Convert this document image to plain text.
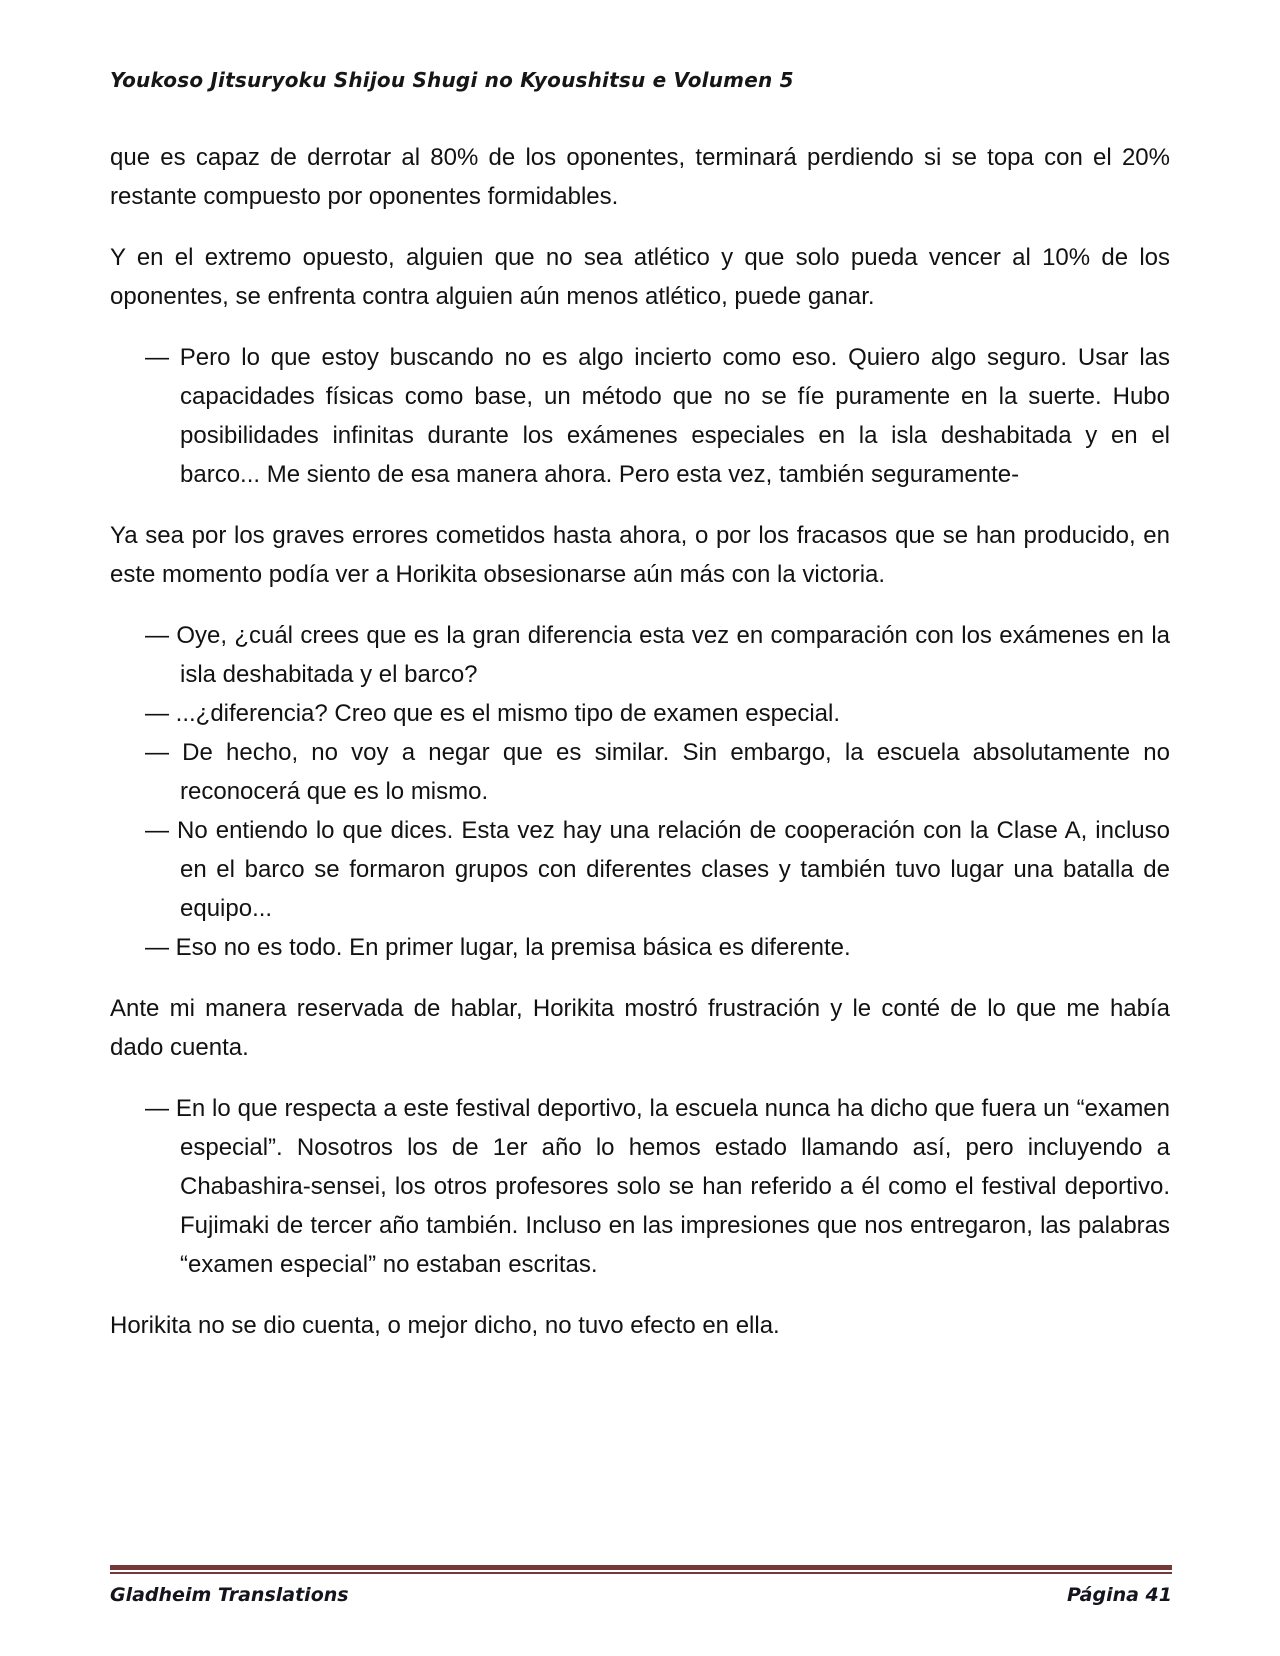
Youkoso Jitsuryoku Shijou Shugi no Kyoushitsu e Volumen 5

que es capaz de derrotar al 80% de los oponentes, terminará perdiendo si se topa con el 20% restante compuesto por oponentes formidables.

Y en el extremo opuesto, alguien que no sea atlético y que solo pueda vencer al 10% de los oponentes, se enfrenta contra alguien aún menos atlético, puede ganar.

— Pero lo que estoy buscando no es algo incierto como eso. Quiero algo seguro. Usar las capacidades físicas como base, un método que no se fíe puramente en la suerte. Hubo posibilidades infinitas durante los exámenes especiales en la isla deshabitada y en el barco... Me siento de esa manera ahora. Pero esta vez, también seguramente-

Ya sea por los graves errores cometidos hasta ahora, o por los fracasos que se han producido, en este momento podía ver a Horikita obsesionarse aún más con la victoria.

— Oye, ¿cuál crees que es la gran diferencia esta vez en comparación con los exámenes en la isla deshabitada y el barco?

— ...¿diferencia? Creo que es el mismo tipo de examen especial.

— De hecho, no voy a negar que es similar. Sin embargo, la escuela absolutamente no reconocerá que es lo mismo.

— No entiendo lo que dices. Esta vez hay una relación de cooperación con la Clase A, incluso en el barco se formaron grupos con diferentes clases y también tuvo lugar una batalla de equipo...

— Eso no es todo. En primer lugar, la premisa básica es diferente.

Ante mi manera reservada de hablar, Horikita mostró frustración y le conté de lo que me había dado cuenta.

— En lo que respecta a este festival deportivo, la escuela nunca ha dicho que fuera un “examen especial”. Nosotros los de 1er año lo hemos estado llamando así, pero incluyendo a Chabashira-sensei, los otros profesores solo se han referido a él como el festival deportivo. Fujimaki de tercer año también. Incluso en las impresiones que nos entregaron, las palabras “examen especial” no estaban escritas.

Horikita no se dio cuenta, o mejor dicho, no tuvo efecto en ella.

Gladheim Translations	Página 41
